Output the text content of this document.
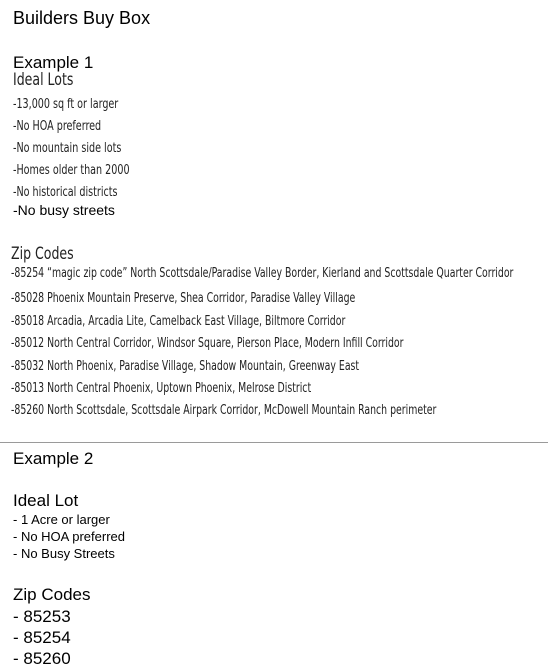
Builders Buy Box
Example 1
Ideal Lots
-13,000 sq ft or larger
-No HOA preferred
-No mountain side lots
-Homes older than 2000
-No historical districts
-No busy streets
Zip Codes
-85254 “magic zip code” North Scottsdale/Paradise Valley Border, Kierland and Scottsdale Quarter Corridor
-85028 Phoenix Mountain Preserve, Shea Corridor, Paradise Valley Village
-85018 Arcadia, Arcadia Lite, Camelback East Village, Biltmore Corridor
-85012 North Central Corridor, Windsor Square, Pierson Place, Modern Infill Corridor
-85032 North Phoenix, Paradise Village, Shadow Mountain, Greenway East
-85013 North Central Phoenix, Uptown Phoenix, Melrose District
-85260 North Scottsdale, Scottsdale Airpark Corridor, McDowell Mountain Ranch perimeter
Example 2
Ideal Lot
- 1 Acre or larger
- No HOA preferred
- No Busy Streets
Zip Codes
- 85253
- 85254
- 85260
